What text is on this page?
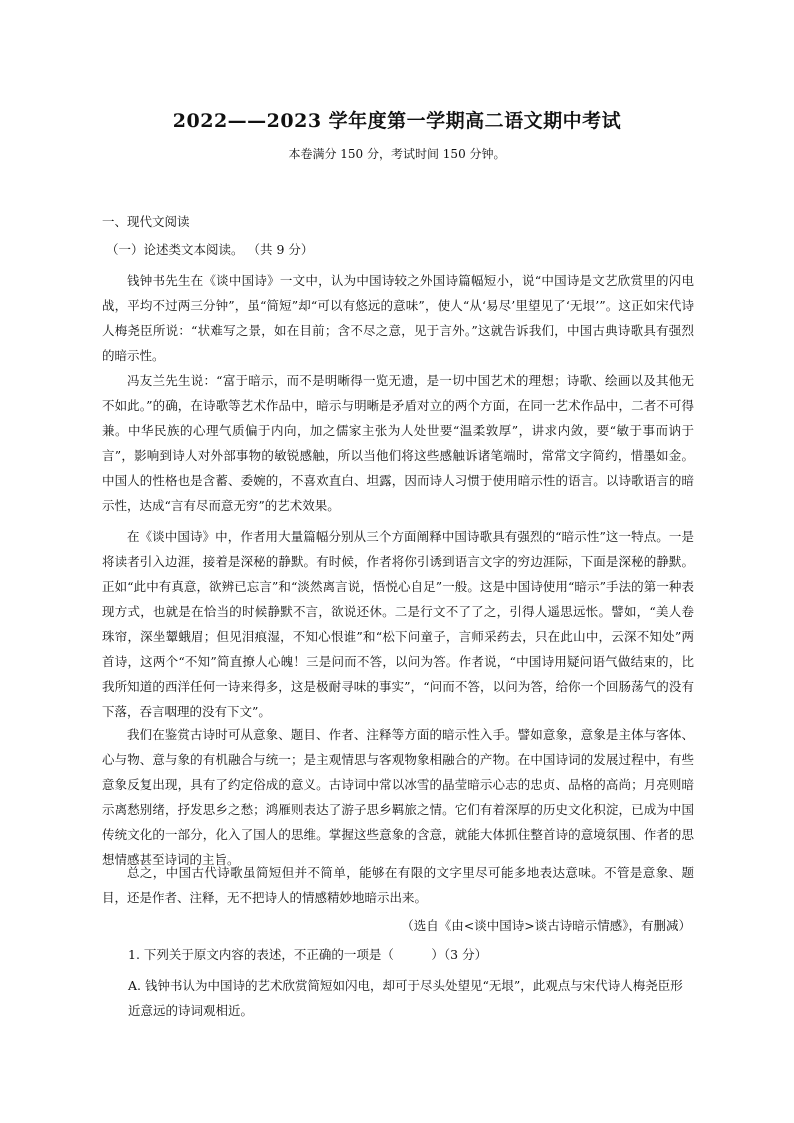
2022——2023 学年度第一学期高二语文期中考试
本卷满分 150 分，考试时间 150 分钟。
一、现代文阅读
（一）论述类文本阅读。 （共 9 分）

钱钟书先生在《谈中国诗》一文中，认为中国诗较之外国诗篇幅短小，说“中国诗是文艺欣赏里的闪电战，平均不过两三分钟”，虽“简短”却“可以有悠远的意味”，使人“从‘易尽’里望见了‘无垠’”。这正如宋代诗人梅尧臣所说：“状难写之景，如在目前；含不尽之意，见于言外。”这就告诉我们，中国古典诗歌具有强烈的暗示性。

冯友兰先生说：“富于暗示，而不是明晰得一览无遗，是一切中国艺术的理想；诗歌、绘画以及其他无不如此。”的确，在诗歌等艺术作品中，暗示与明晰是矛盾对立的两个方面，在同一艺术作品中，二者不可得兼。中华民族的心理气质偏于内向，加之儒家主张为人处世要“温柔敦厚”，讲求内敛，要“敏于事而讷于言”，影响到诗人对外部事物的敏锐感触，所以当他们将这些感触诉诸笔端时，常常文字简约，惜墨如金。中国人的性格也是含蓄、委婉的，不喜欢直白、坦露，因而诗人习惯于使用暗示性的语言。以诗歌语言的暗示性，达成“言有尽而意无穷”的艺术效果。

在《谈中国诗》中，作者用大量篇幅分别从三个方面阐释中国诗歌具有强烈的“暗示性”这一特点。一是将读者引入边涯，接着是深秘的静默。有时候，作者将你引诱到语言文字的穷边涯际，下面是深秘的静默。正如“此中有真意，欲辨已忘言”和“淡然离言说，悟悦心自足”一般。这是中国诗使用“暗示”手法的第一种表现方式，也就是在恰当的时候静默不言，欲说还休。二是行文不了了之，引得人遥思远怅。譬如，“美人卷珠帘，深坐颦蛾眉；但见泪痕湿，不知心恨谁”和“松下问童子，言师采药去，只在此山中，云深不知处”两首诗，这两个“不知”简直撩人心魄！三是问而不答，以问为答。作者说，“中国诗用疑问语气做结束的，比我所知道的西洋任何一诗来得多，这是极耐寻味的事实”，“问而不答，以问为答，给你一个回肠荡气的没有下落，吞言咽理的没有下文”。

我们在鉴赏古诗时可从意象、题目、作者、注释等方面的暗示性入手。譬如意象，意象是主体与客体、心与物、意与象的有机融合与统一；是主观情思与客观物象相融合的产物。在中国诗词的发展过程中，有些意象反复出现，具有了约定俗成的意义。古诗词中常以冰雪的晶莹暗示心志的忠贞、品格的高尚；月亮则暗示离愁别绪，抒发思乡之愁；鸿雁则表达了游子思乡羁旅之情。它们有着深厚的历史文化积淀，已成为中国传统文化的一部分，化入了国人的思维。掌握这些意象的含意，就能大体抓住整首诗的意境氛围、作者的思想情感甚至诗词的主旨。

总之，中国古代诗歌虽简短但并不简单，能够在有限的文字里尽可能多地表达意味。不管是意象、题目，还是作者、注释，无不把诗人的情感精妙地暗示出来。

（选自《由<谈中国诗>谈古诗暗示情感》，有删减）
1. 下列关于原文内容的表述，不正确的一项是（　　　）（3 分）

A. 钱钟书认为中国诗的艺术欣赏简短如闪电，却可于尽头处望见“无垠”，此观点与宋代诗人梅尧臣形近意远的诗词观相近。
